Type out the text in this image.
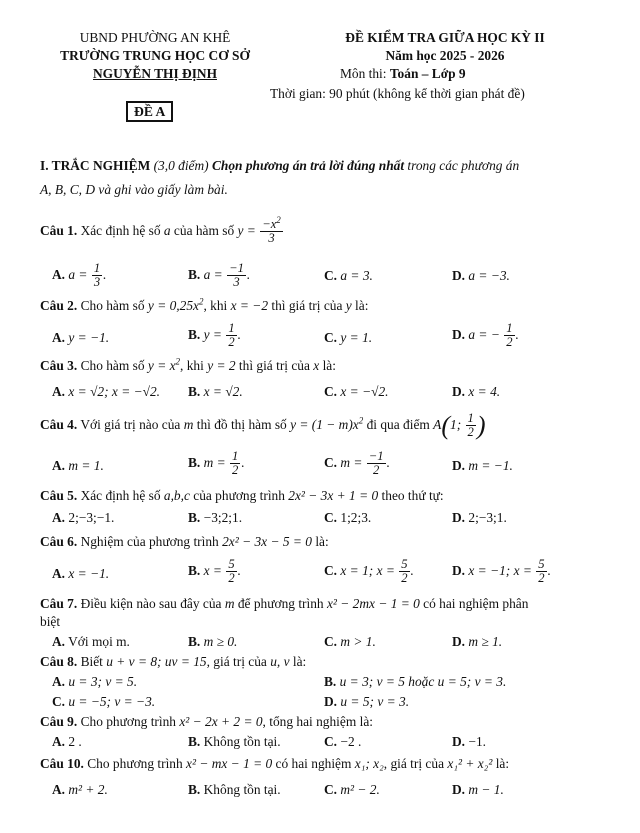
UBND PHƯỜNG AN KHÊ
TRƯỜNG TRUNG HỌC CƠ SỞ
NGUYỄN THỊ ĐỊNH
ĐỀ A
ĐỀ KIỂM TRA GIỮA HỌC KỲ II
Năm học 2025 - 2026
Môn thi: Toán – Lớp 9
Thời gian: 90 phút (không kể thời gian phát đề)
I. TRẮC NGHIỆM (3,0 điểm) Chọn phương án trả lời đúng nhất trong các phương án
A, B, C, D và ghi vào giấy làm bài.
Câu 1. Xác định hệ số a của hàm số $y = \frac{-x^2}{3}$
A. $a = \frac{1}{3}$ .	B. $a = \frac{-1}{3}$ .	C. a = 3.	D. a = −3.
Câu 2. Cho hàm số $y = 0,25x^2$, khi x = −2 thì giá trị của y là:
A. y = −1.	B. $y = \frac{1}{2}$ .	C. y = 1.	D. a = − $\frac{1}{2}$ .
Câu 3. Cho hàm số $y = x^2$, khi y = 2 thì giá trị của x là:
A. x = √2; x = −√2. B. x = √2.	C. x = −√2.	D. x = 4.
Câu 4. Với giá trị nào của m thì đồ thị hàm số $y = (1 - m)x^2$ đi qua điểm A(1; $\frac{1}{2}$ )
A. m = 1.	B. $m = \frac{1}{2}$ .	C. $m = \frac{-1}{2}$ .	D. m = −1.
Câu 5. Xác định hệ số a,b,c của phương trình 2x² − 3x + 1 = 0 theo thứ tự:
A. 2;−3;−1.	B. −3;2;1.	C. 1;2;3.	D. 2;−3;1.
Câu 6. Nghiệm của phương trình 2x² − 3x − 5 = 0 là:
A. x = −1.	B. $x = \frac{5}{2}$ .	C. x = 1; $x = \frac{5}{2}$ .	D. x = −1; $x = \frac{5}{2}$ .
Câu 7. Điều kiện nào sau đây của m để phương trình x² − 2mx − 1 = 0 có hai nghiệm phân
biệt
A. Với mọi m.	B. m ≥ 0.	C. m > 1.	D. m ≥ 1.
Câu 8. Biết u + v = 8; uv = 15, giá trị của u, v là:
A. u = 3; v = 5.	B. u = 3; v = 5 hoặc u = 5; v = 3.
C. u = −5; v = −3.	D. u = 5; v = 3.
Câu 9. Cho phương trình x² − 2x + 2 = 0, tổng hai nghiệm là:
A. 2 .	B. Không tồn tại.	C. −2 .	D. −1.
Câu 10. Cho phương trình x² − mx − 1 = 0 có hai nghiệm x₁; x₂, giá trị của x₁² + x₂² là:
A. m² + 2.	B. Không tồn tại.	C. m² − 2.	D. m − 1.
